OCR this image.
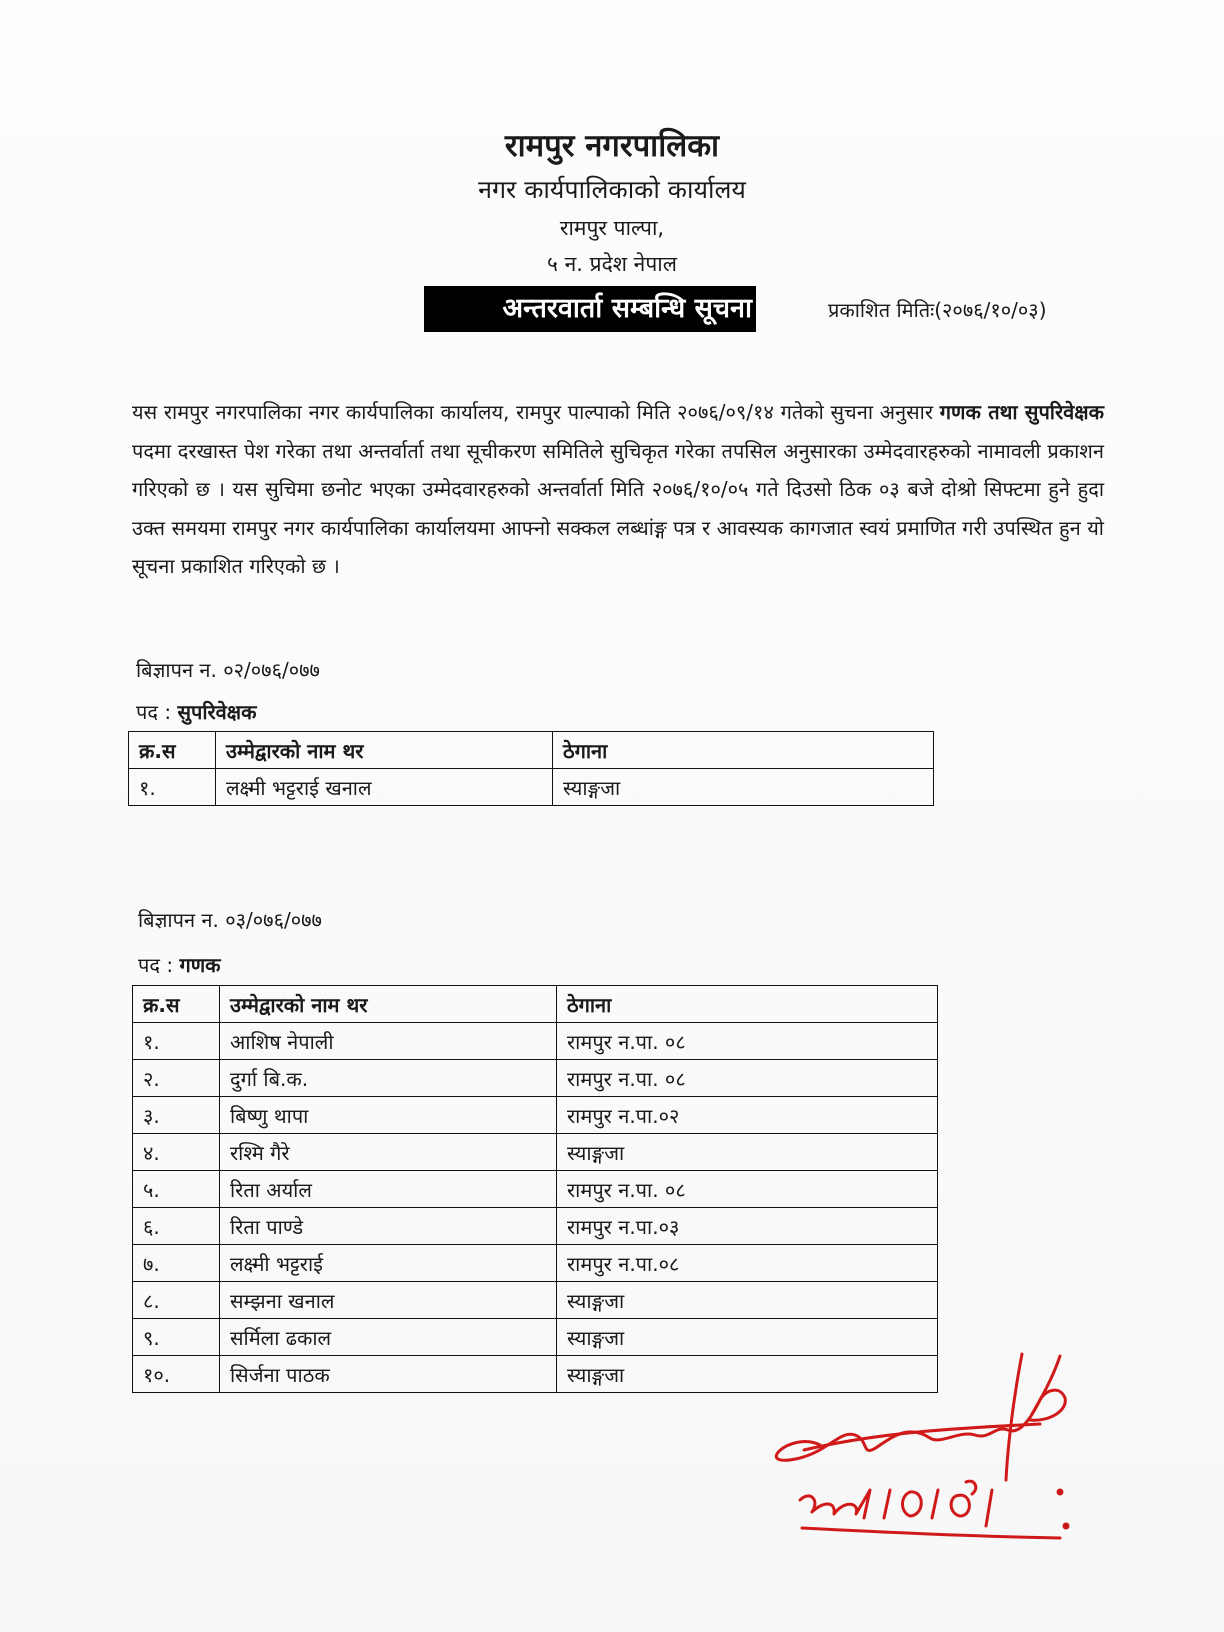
रामपुर नगरपालिका
नगर कार्यपालिकाको कार्यालय
रामपुर पाल्पा,
५ न. प्रदेश नेपाल
अन्तरवार्ता सम्बन्धि सूचना	प्रकाशित मितिः(२०७६/१०/०३)
यस रामपुर नगरपालिका नगर कार्यपालिका कार्यालय, रामपुर पाल्पाको मिति २०७६/०९/१४ गतेको सुचना अनुसार गणक तथा सुपरिवेक्षक पदमा दरखास्त पेश गरेका तथा अन्तर्वार्ता तथा सूचीकरण समितिले सुचिकृत गरेका तपसिल अनुसारका उम्मेदवारहरुको नामावली प्रकाशन गरिएको छ । यस सुचिमा छनोट भएका उम्मेदवारहरुको अन्तर्वार्ता मिति २०७६/१०/०५ गते दिउसो ठिक ०३ बजे दोश्रो सिफ्टमा हुने हुदा उक्त समयमा रामपुर नगर कार्यपालिका कार्यालयमा आफ्नो सक्कल लब्धांङ्ग पत्र र आवस्यक कागजात स्वयं प्रमाणित गरी उपस्थित हुन यो सूचना प्रकाशित गरिएको छ ।
बिज्ञापन न. ०२/०७६/०७७
पद : सुपरिवेक्षक
क्र.स	उम्मेद्वारको नाम थर	ठेगाना
१.	लक्ष्मी भट्टराई खनाल	स्याङ्गजा
बिज्ञापन न. ०३/०७६/०७७
पद : गणक
क्र.स	उम्मेद्वारको नाम थर	ठेगाना
१.	आशिष नेपाली	रामपुर न.पा. ०८
२.	दुर्गा बि.क.	रामपुर न.पा. ०८
३.	बिष्णु थापा	रामपुर न.पा.०२
४.	रश्मि गैरे	स्याङ्गजा
५.	रिता अर्याल	रामपुर न.पा. ०८
६.	रिता पाण्डे	रामपुर न.पा.०३
७.	लक्ष्मी भट्टराई	रामपुर न.पा.०८
८.	सम्झना खनाल	स्याङ्गजा
९.	सर्मिला ढकाल	स्याङ्गजा
१०.	सिर्जना पाठक	स्याङ्गजा
